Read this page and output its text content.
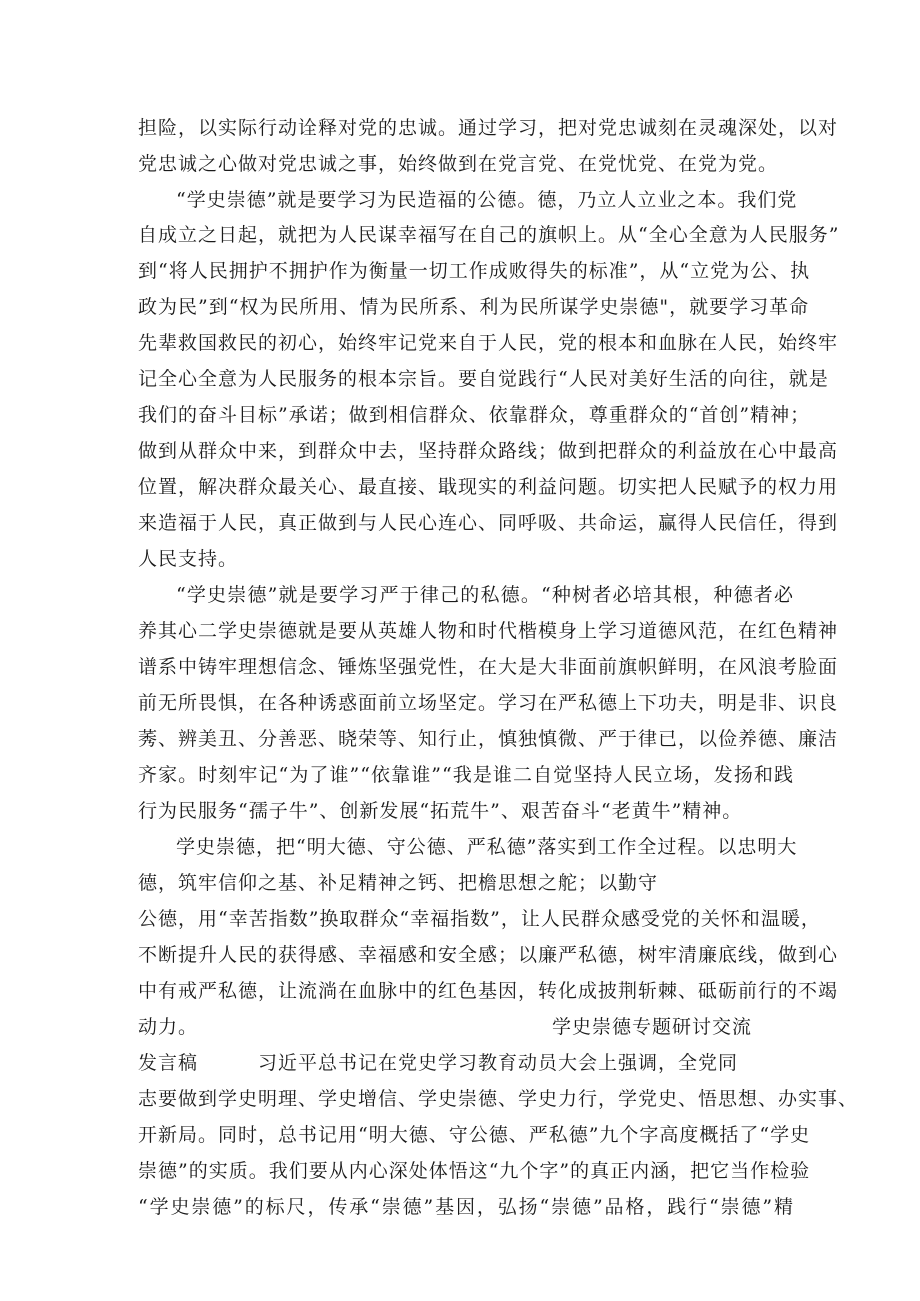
担险，以实际行动诠释对党的忠诚。通过学习，把对党忠诚刻在灵魂深处，以对

党忠诚之心做对党忠诚之事，始终做到在党言党、在党忧党、在党为党。

“学史崇德”就是要学习为民造福的公德。德，乃立人立业之本。我们党

自成立之日起，就把为人民谋幸福写在自己的旗帜上。从“全心全意为人民服务”

到“将人民拥护不拥护作为衡量一切工作成败得失的标准”，从“立党为公、执

政为民”到“权为民所用、情为民所系、利为民所谋学史崇德"，就要学习革命

先辈救国救民的初心，始终牢记党来自于人民，党的根本和血脉在人民，始终牢

记全心全意为人民服务的根本宗旨。要自觉践行“人民对美好生活的向往，就是

我们的奋斗目标”承诺；做到相信群众、依靠群众，尊重群众的“首创”精神；

做到从群众中来，到群众中去，坚持群众路线；做到把群众的利益放在心中最高

位置，解决群众最关心、最直接、戢现实的利益问题。切实把人民赋予的权力用

来造福于人民，真正做到与人民心连心、同呼吸、共命运，赢得人民信任，得到

人民支持。

“学史崇德”就是要学习严于律己的私德。“种树者必培其根，种德者必

养其心二学史崇德就是要从英雄人物和时代楷模身上学习道德风范，在红色精神

谱系中铸牢理想信念、锤炼坚强党性，在大是大非面前旗帜鲜明，在风浪考脸面

前无所畏惧，在各种诱惑面前立场坚定。学习在严私德上下功夫，明是非、识良

莠、辨美丑、分善恶、晓荣等、知行止，慎独慎微、严于律已，以俭养德、廉洁

齐家。时刻牢记“为了谁”“依靠谁”“我是谁二自觉坚持人民立场，发扬和践

行为民服务“孺子牛”、创新发展“拓荒牛”、艰苦奋斗“老黄牛”精神。

学史崇德，把“明大德、守公德、严私德”落实到工作全过程。以忠明大

德，筑牢信仰之基、补足精神之钙、把檐思想之舵；以勤守

公德，用“幸苦指数”换取群众“幸福指数”，让人民群众感受党的关怀和温暖，

不断提升人民的获得感、幸福感和安全感；以廉严私德，树牢清廉底线，做到心

中有戒严私德，让流淌在血脉中的红色基因，转化成披荆斩棘、砥砺前行的不竭

动力。	学史崇德专题研讨交流

发言稿	习近平总书记在党史学习教育动员大会上强调，全党同

志要做到学史明理、学史增信、学史崇德、学史力行，学党史、悟思想、办实事、

开新局。同时，总书记用“明大德、守公德、严私德”九个字高度概括了“学史

崇德”的实质。我们要从内心深处体悟这“九个字”的真正内涵，把它当作检验

“学史崇德”的标尺，传承“崇德”基因，弘扬“崇德”品格，践行“崇德”精
